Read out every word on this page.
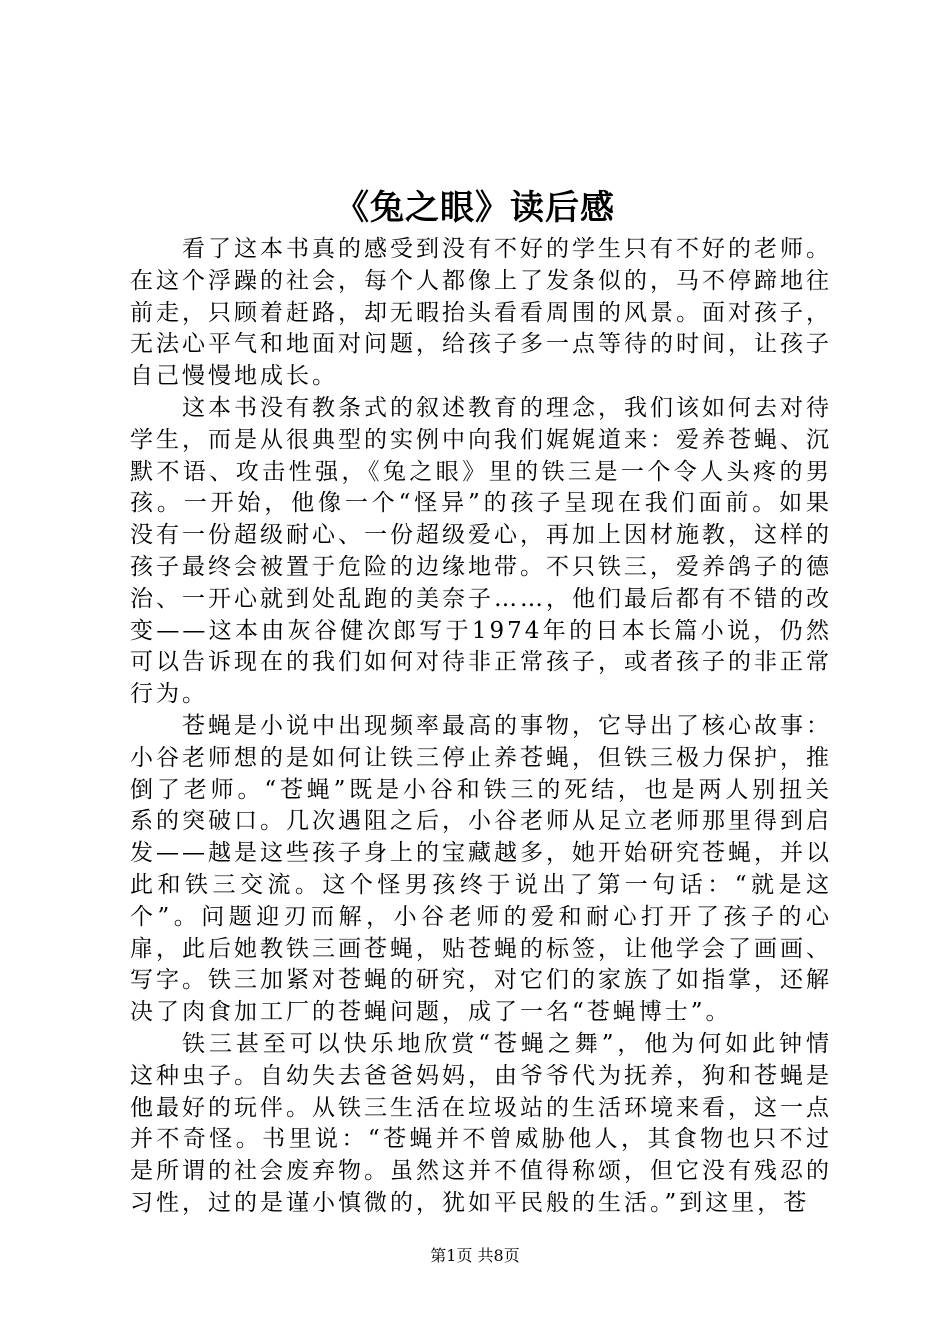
《兔之眼》读后感

看了这本书真的感受到没有不好的学生只有不好的老师。在这个浮躁的社会，每个人都像上了发条似的，马不停蹄地往前走，只顾着赶路，却无暇抬头看看周围的风景。面对孩子，无法心平气和地面对问题，给孩子多一点等待的时间，让孩子自己慢慢地成长。

这本书没有教条式的叙述教育的理念，我们该如何去对待学生，而是从很典型的实例中向我们娓娓道来：爱养苍蝇、沉默不语、攻击性强，《兔之眼》里的铁三是一个令人头疼的男孩。一开始，他像一个“怪异”的孩子呈现在我们面前。如果没有一份超级耐心、一份超级爱心，再加上因材施教，这样的孩子最终会被置于危险的边缘地带。不只铁三，爱养鸽子的德治、一开心就到处乱跑的美奈子……，他们最后都有不错的改变——这本由灰谷健次郎写于1974年的日本长篇小说，仍然可以告诉现在的我们如何对待非正常孩子，或者孩子的非正常行为。

苍蝇是小说中出现频率最高的事物，它导出了核心故事：小谷老师想的是如何让铁三停止养苍蝇，但铁三极力保护，推倒了老师。“苍蝇”既是小谷和铁三的死结，也是两人别扭关系的突破口。几次遇阻之后，小谷老师从足立老师那里得到启发——越是这些孩子身上的宝藏越多，她开始研究苍蝇，并以此和铁三交流。这个怪男孩终于说出了第一句话：“就是这个”。问题迎刃而解，小谷老师的爱和耐心打开了孩子的心扉，此后她教铁三画苍蝇，贴苍蝇的标签，让他学会了画画、写字。铁三加紧对苍蝇的研究，对它们的家族了如指掌，还解决了肉食加工厂的苍蝇问题，成了一名“苍蝇博士”。

铁三甚至可以快乐地欣赏“苍蝇之舞”，他为何如此钟情这种虫子。自幼失去爸爸妈妈，由爷爷代为抚养，狗和苍蝇是他最好的玩伴。从铁三生活在垃圾站的生活环境来看，这一点并不奇怪。书里说：“苍蝇并不曾威胁他人，其食物也只不过是所谓的社会废弃物。虽然这并不值得称颂，但它没有残忍的习性，过的是谨小慎微的，犹如平民般的生活。”到这里，苍

第1页 共8页
